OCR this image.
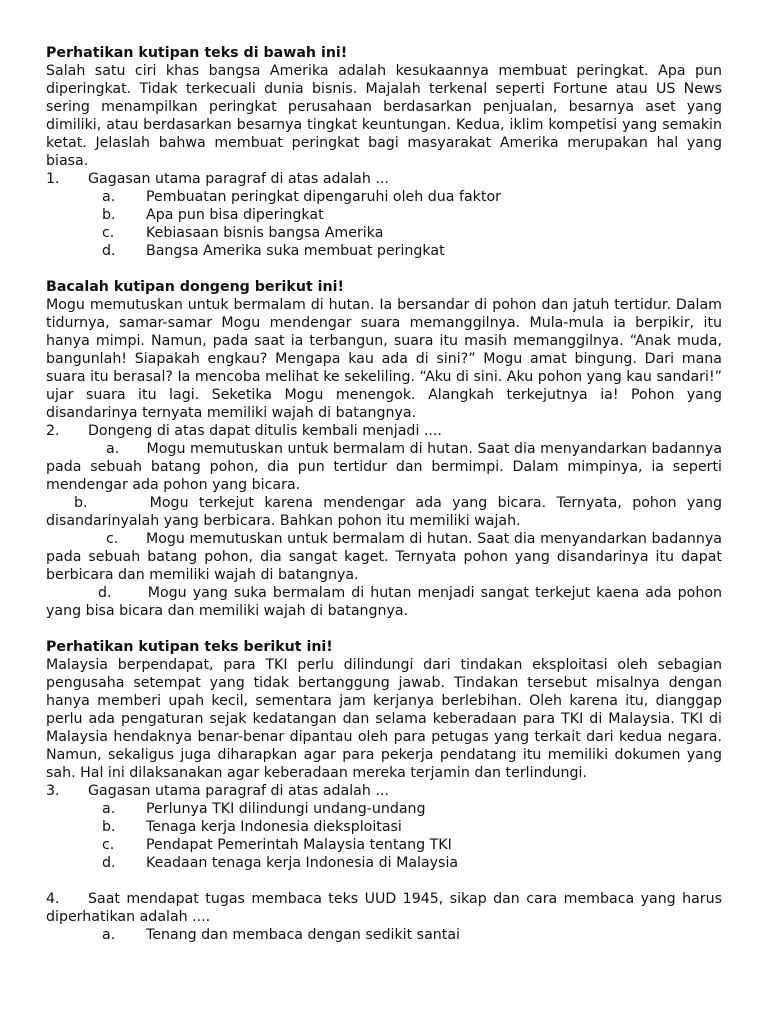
Perhatikan kutipan teks di bawah ini!

Salah satu ciri khas bangsa Amerika adalah kesukaannya membuat peringkat. Apa pun diperingkat. Tidak terkecuali dunia bisnis. Majalah terkenal seperti Fortune atau US News sering menampilkan peringkat perusahaan berdasarkan penjualan, besarnya aset yang dimiliki, atau berdasarkan besarnya tingkat keuntungan. Kedua, iklim kompetisi yang semakin ketat. Jelaslah bahwa membuat peringkat bagi masyarakat Amerika merupakan hal yang biasa.

1. Gagasan utama paragraf di atas adalah ...

a. Pembuatan peringkat dipengaruhi oleh dua faktor

b. Apa pun bisa diperingkat

c. Kebiasaan bisnis bangsa Amerika

d. Bangsa Amerika suka membuat peringkat

Bacalah kutipan dongeng berikut ini!

Mogu memutuskan untuk bermalam di hutan. Ia bersandar di pohon dan jatuh tertidur. Dalam tidurnya, samar-samar Mogu mendengar suara memanggilnya. Mula-mula ia berpikir, itu hanya mimpi. Namun, pada saat ia terbangun, suara itu masih memanggilnya. “Anak muda, bangunlah! Siapakah engkau? Mengapa kau ada di sini?” Mogu amat bingung. Dari mana suara itu berasal? Ia mencoba melihat ke sekeliling. “Aku di sini. Aku pohon yang kau sandari!” ujar suara itu lagi. Seketika Mogu menengok. Alangkah terkejutnya ia! Pohon yang disandarinya ternyata memiliki wajah di batangnya.

2. Dongeng di atas dapat ditulis kembali menjadi ....

a. Mogu memutuskan untuk bermalam di hutan. Saat dia menyandarkan badannya pada sebuah batang pohon, dia pun tertidur dan bermimpi. Dalam mimpinya, ia seperti mendengar ada pohon yang bicara.

b.	Mogu terkejut karena mendengar ada yang bicara. Ternyata, pohon yang disandarinyalah yang berbicara. Bahkan pohon itu memiliki wajah.

c. Mogu memutuskan untuk bermalam di hutan. Saat dia menyandarkan badannya pada sebuah batang pohon, dia sangat kaget. Ternyata pohon yang disandarinya itu dapat berbicara dan memiliki wajah di batangnya.

d.	Mogu yang suka bermalam di hutan menjadi sangat terkejut kaena ada pohon yang bisa bicara dan memiliki wajah di batangnya.

Perhatikan kutipan teks berikut ini!

Malaysia berpendapat, para TKI perlu dilindungi dari tindakan eksploitasi oleh sebagian pengusaha setempat yang tidak bertanggung jawab. Tindakan tersebut misalnya dengan hanya memberi upah kecil, sementara jam kerjanya berlebihan. Oleh karena itu, dianggap perlu ada pengaturan sejak kedatangan dan selama keberadaan para TKI di Malaysia. TKI di Malaysia hendaknya benar-benar dipantau oleh para petugas yang terkait dari kedua negara. Namun, sekaligus juga diharapkan agar para pekerja pendatang itu memiliki dokumen yang sah. Hal ini dilaksanakan agar keberadaan mereka terjamin dan terlindungi.

3. Gagasan utama paragraf di atas adalah ...

a. Perlunya TKI dilindungi undang-undang

b. Tenaga kerja Indonesia dieksploitasi

c. Pendapat Pemerintah Malaysia tentang TKI

d. Keadaan tenaga kerja Indonesia di Malaysia

4. Saat mendapat tugas membaca teks UUD 1945, sikap dan cara membaca yang harus diperhatikan adalah ....

a. Tenang dan membaca dengan sedikit santai
